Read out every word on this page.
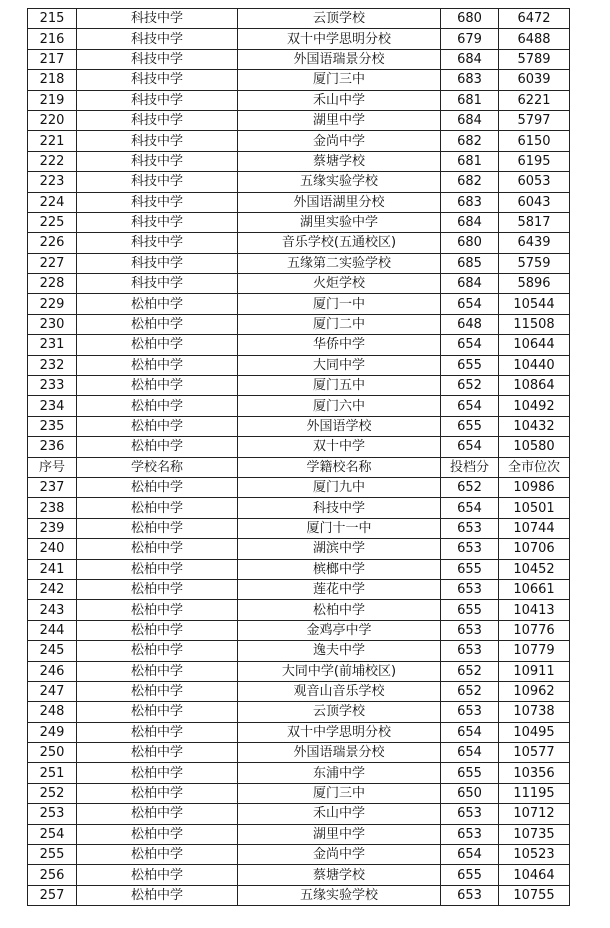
215	科技中学	云顶学校	680	6472
216	科技中学	双十中学思明分校	679	6488
217	科技中学	外国语瑞景分校	684	5789
218	科技中学	厦门三中	683	6039
219	科技中学	禾山中学	681	6221
220	科技中学	湖里中学	684	5797
221	科技中学	金尚中学	682	6150
222	科技中学	蔡塘学校	681	6195
223	科技中学	五缘实验学校	682	6053
224	科技中学	外国语湖里分校	683	6043
225	科技中学	湖里实验中学	684	5817
226	科技中学	音乐学校(五通校区)	680	6439
227	科技中学	五缘第二实验学校	685	5759
228	科技中学	火炬学校	684	5896
229	松柏中学	厦门一中	654	10544
230	松柏中学	厦门二中	648	11508
231	松柏中学	华侨中学	654	10644
232	松柏中学	大同中学	655	10440
233	松柏中学	厦门五中	652	10864
234	松柏中学	厦门六中	654	10492
235	松柏中学	外国语学校	655	10432
236	松柏中学	双十中学	654	10580
序号	学校名称	学籍校名称	投档分	全市位次
237	松柏中学	厦门九中	652	10986
238	松柏中学	科技中学	654	10501
239	松柏中学	厦门十一中	653	10744
240	松柏中学	湖滨中学	653	10706
241	松柏中学	槟榔中学	655	10452
242	松柏中学	莲花中学	653	10661
243	松柏中学	松柏中学	655	10413
244	松柏中学	金鸡亭中学	653	10776
245	松柏中学	逸夫中学	653	10779
246	松柏中学	大同中学(前埔校区)	652	10911
247	松柏中学	观音山音乐学校	652	10962
248	松柏中学	云顶学校	653	10738
249	松柏中学	双十中学思明分校	654	10495
250	松柏中学	外国语瑞景分校	654	10577
251	松柏中学	东浦中学	655	10356
252	松柏中学	厦门三中	650	11195
253	松柏中学	禾山中学	653	10712
254	松柏中学	湖里中学	653	10735
255	松柏中学	金尚中学	654	10523
256	松柏中学	蔡塘学校	655	10464
257	松柏中学	五缘实验学校	653	10755
